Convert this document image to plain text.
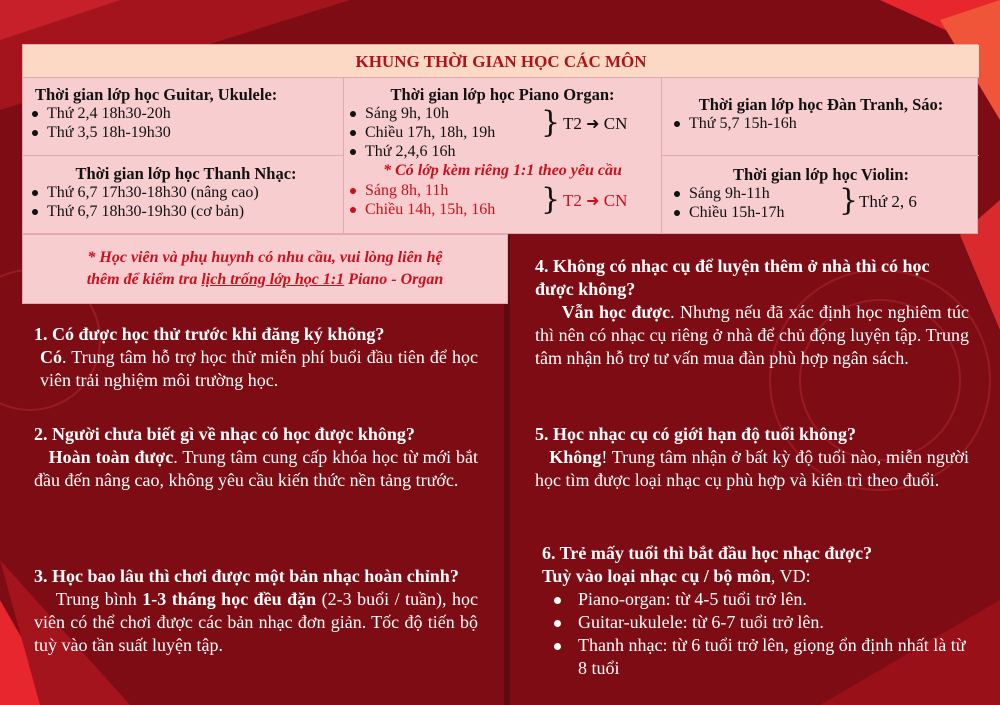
KHUNG THỜI GIAN HỌC CÁC MÔN
Thời gian lớp học Guitar, Ukulele:
Thứ 2,4 18h30-20h
Thứ 3,5 18h-19h30
Thời gian lớp học Thanh Nhạc:
Thứ 6,7 17h30-18h30 (nâng cao)
Thứ 6,7 18h30-19h30 (cơ bản)
Thời gian lớp học Piano Organ:
Sáng 9h, 10h
Chiều 17h, 18h, 19h	} T2 ➜ CN
Thứ 2,4,6 16h
* Có lớp kèm riêng 1:1 theo yêu cầu
Sáng 8h, 11h
Chiều 14h, 15h, 16h	} T2 ➜ CN
Thời gian lớp học Đàn Tranh, Sáo:
Thứ 5,7 15h-16h
Thời gian lớp học Violin:
Sáng 9h-11h
Chiều 15h-17h	} Thứ 2, 6
* Học viên và phụ huynh có nhu cầu, vui lòng liên hệ
thêm để kiểm tra lịch trống lớp học 1:1 Piano - Organ
1. Có được học thử trước khi đăng ký không?

Có. Trung tâm hỗ trợ học thử miễn phí buổi đầu tiên để học viên trải nghiệm môi trường học.

2. Người chưa biết gì về nhạc có học được không?

Hoàn toàn được. Trung tâm cung cấp khóa học từ mới bắt đầu đến nâng cao, không yêu cầu kiến thức nền tảng trước.

3. Học bao lâu thì chơi được một bản nhạc hoàn chỉnh?

Trung bình 1-3 tháng học đều đặn (2-3 buổi / tuần), học viên có thể chơi được các bản nhạc đơn giản. Tốc độ tiến bộ tuỳ vào tần suất luyện tập.

4. Không có nhạc cụ để luyện thêm ở nhà thì có học được không?

Vẫn học được. Nhưng nếu đã xác định học nghiêm túc thì nên có nhạc cụ riêng ở nhà để chủ động luyện tập. Trung tâm nhận hỗ trợ tư vấn mua đàn phù hợp ngân sách.

5. Học nhạc cụ có giới hạn độ tuổi không?

Không! Trung tâm nhận ở bất kỳ độ tuổi nào, miễn người học tìm được loại nhạc cụ phù hợp và kiên trì theo đuổi.

6. Trẻ mấy tuổi thì bắt đầu học nhạc được?

Tuỳ vào loại nhạc cụ / bộ môn, VD:

Piano-organ: từ 4-5 tuổi trở lên.
Guitar-ukulele: từ 6-7 tuổi trở lên.
Thanh nhạc: từ 6 tuổi trở lên, giọng ổn định nhất là từ 8 tuổi
